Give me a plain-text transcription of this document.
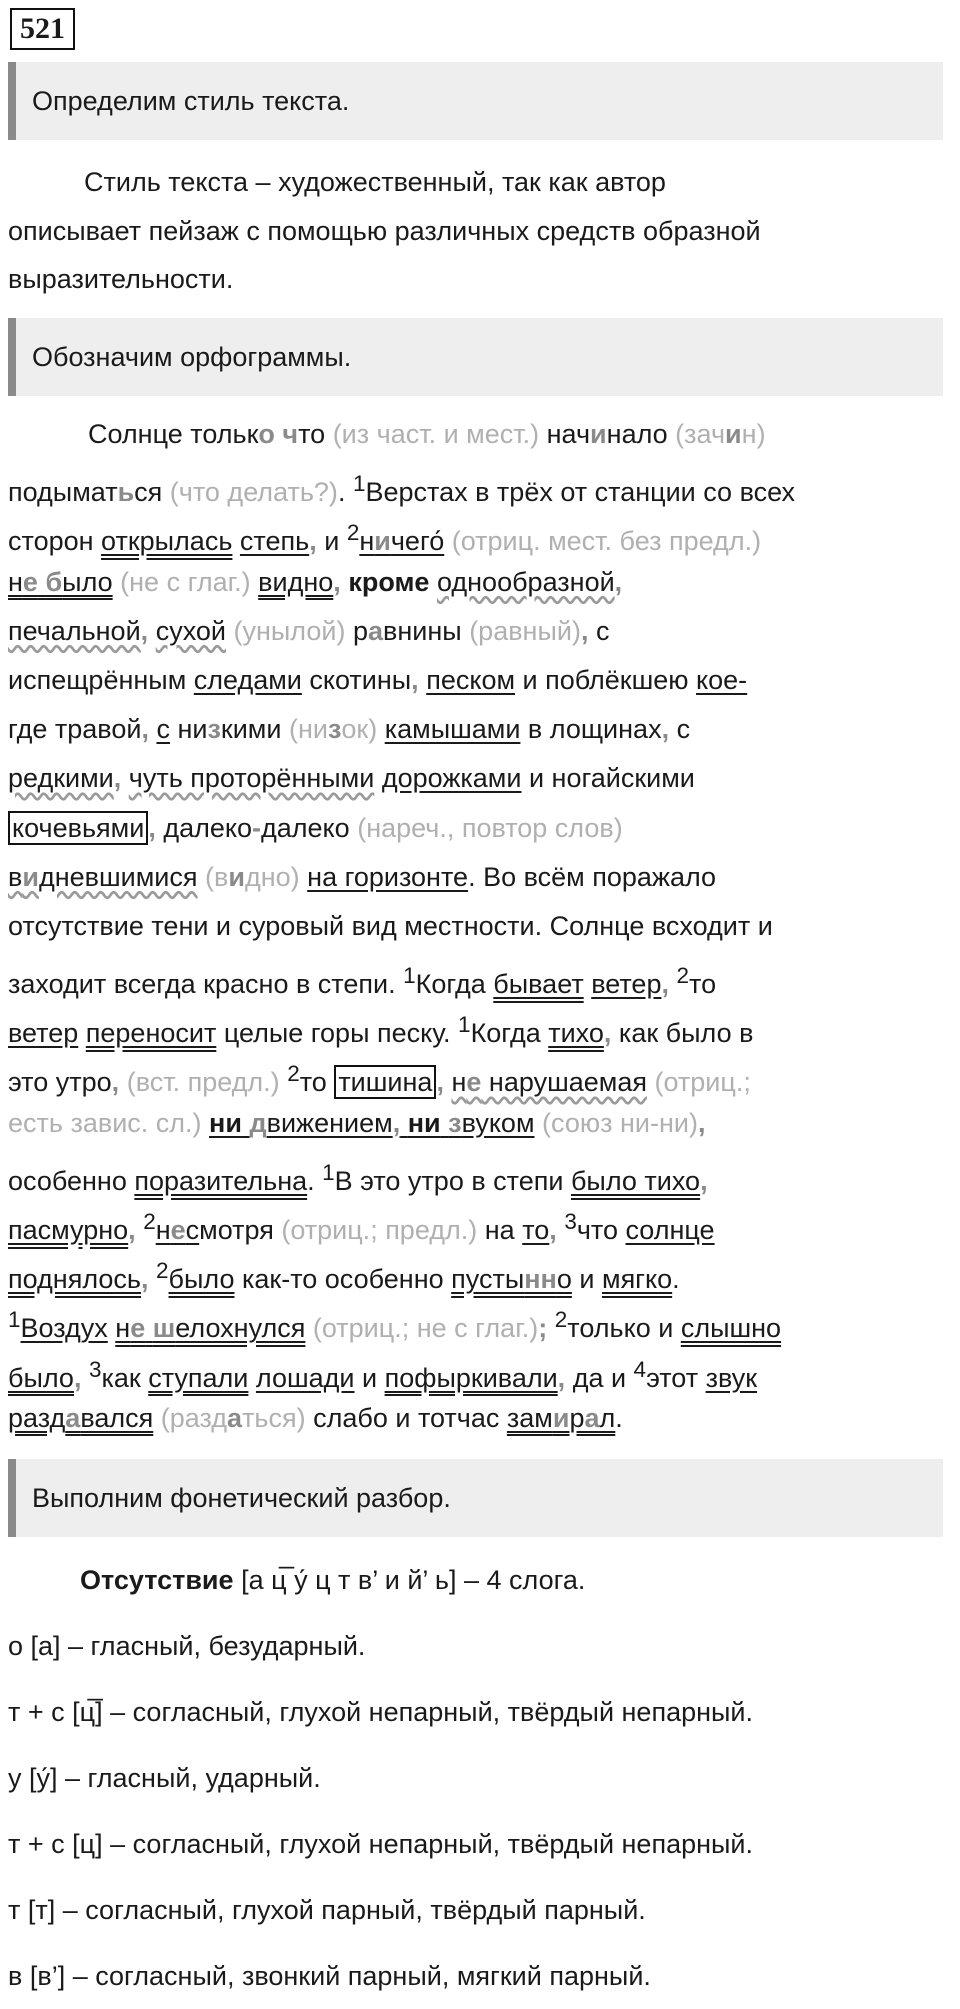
521
Определим стиль текста.
Стиль текста – художественный, так как автор
описывает пейзаж с помощью различных средств образной
выразительности.
Обозначим орфограммы.
Солнце только что (из част. и мест.) начинало (зачин)
подыматься (что делать?). $^1$Верстах в трёх от станции со всех
сторон открылась степь, и $^2$ничего́ (отриц. мест. без предл.)
не было (не с глаг.) видно, кроме однообразной,
печальной, сухой (унылой) равнины (равный), с
испещрённым следами скотины, песком и поблёкшею кое-
где травой, с низкими (низок) камышами в лощинах, с
редкими, чуть проторёнными дорожками и ногайскими
кочевьями , далеко-далеко (нареч., повтор слов)
видневшимися (видно) на горизонте. Во всём поражало
отсутствие тени и суровый вид местности. Солнце всходит и
заходит всегда красно в степи. $^1$Когда бывает ветер, $^2$то
ветер переносит целые горы песку. $^1$Когда тихо, как было в
это утро, (вст. предл.) $^2$то тишина , не нарушаемая (отриц.;
есть завис. сл.) ни движением, ни звуком (союз ни-ни),
особенно поразительна. $^1$В это утро в степи было тихо,
пасмурно, $^2$несмотря (отриц.; предл.) на то, $^3$что солнце
поднялось, $^2$было как-то особенно пустынно и мягко.
$^1$Воздух не шелохнулся (отриц.; не с глаг.); $^2$только и слышно
было, $^3$как ступали лошади и пофыркивали, да и $^4$этот звук
раздавался (раздаться) слабо и тотчас замирал.
Выполним фонетический разбор.
Отсутствие [а ц̅ у́ ц т в’ и й’ ь] – 4 слога.
о [а] – гласный, безударный.
т + с [ц̅] – согласный, глухой непарный, твёрдый непарный.
у [у́] – гласный, ударный.
т + с [ц] – согласный, глухой непарный, твёрдый непарный.
т [т] – согласный, глухой парный, твёрдый парный.
в [в’] – согласный, звонкий парный, мягкий парный.
